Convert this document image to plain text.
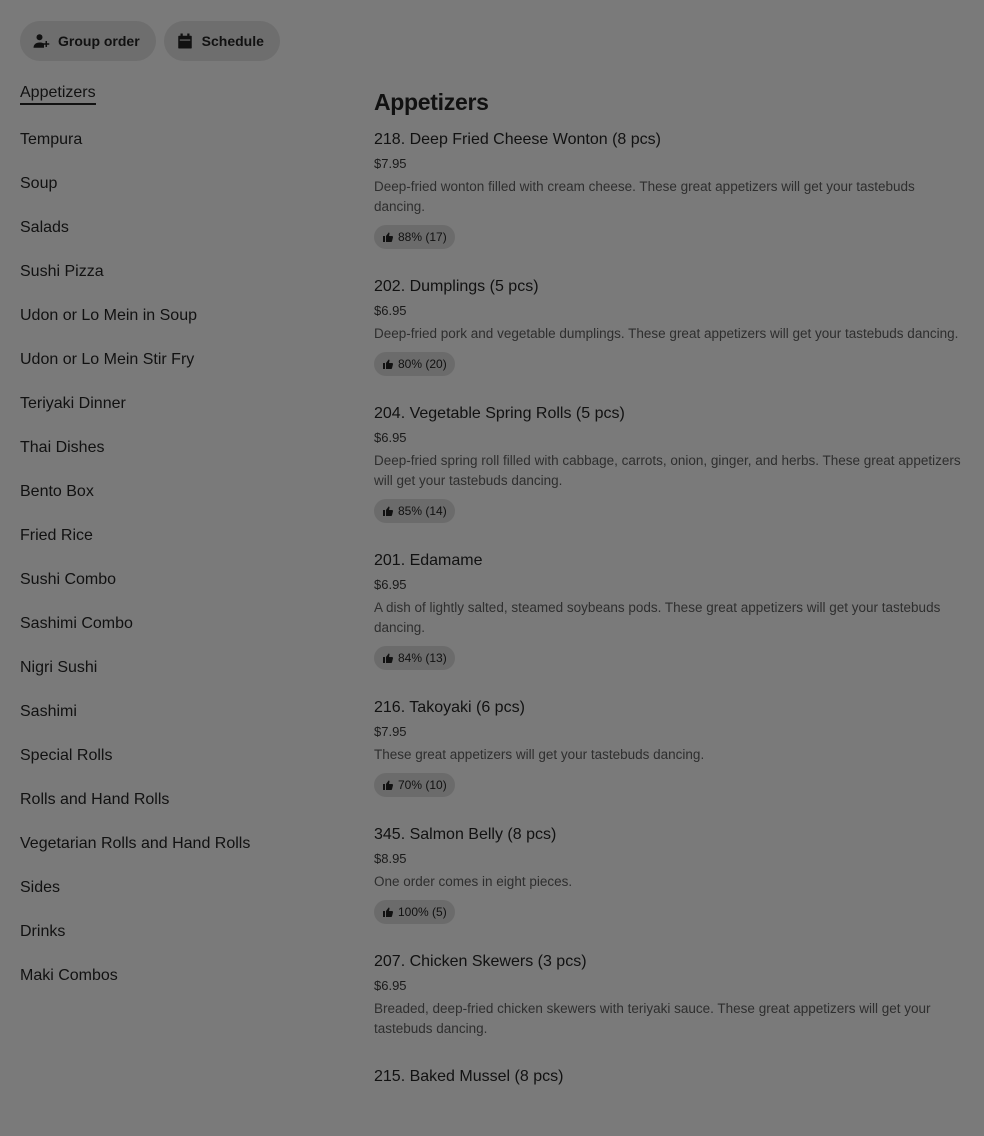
Group order	Schedule
Appetizers
Tempura
Soup
Salads
Sushi Pizza
Udon or Lo Mein in Soup
Udon or Lo Mein Stir Fry
Teriyaki Dinner
Thai Dishes
Bento Box
Fried Rice
Sushi Combo
Sashimi Combo
Nigri Sushi
Sashimi
Special Rolls
Rolls and Hand Rolls
Vegetarian Rolls and Hand Rolls
Sides
Drinks
Maki Combos
Appetizers
218. Deep Fried Cheese Wonton (8 pcs)
$7.95
Deep-fried wonton filled with cream cheese. These great appetizers will get your tastebuds dancing.
88% (17)
202. Dumplings (5 pcs)
$6.95
Deep-fried pork and vegetable dumplings. These great appetizers will get your tastebuds dancing.
80% (20)
204. Vegetable Spring Rolls (5 pcs)
$6.95
Deep-fried spring roll filled with cabbage, carrots, onion, ginger, and herbs. These great appetizers will get your tastebuds dancing.
85% (14)
201. Edamame
$6.95
A dish of lightly salted, steamed soybeans pods. These great appetizers will get your tastebuds dancing.
84% (13)
216. Takoyaki (6 pcs)
$7.95
These great appetizers will get your tastebuds dancing.
70% (10)
345. Salmon Belly (8 pcs)
$8.95
One order comes in eight pieces.
100% (5)
207. Chicken Skewers (3 pcs)
$6.95
Breaded, deep-fried chicken skewers with teriyaki sauce. These great appetizers will get your tastebuds dancing.
215. Baked Mussel (8 pcs)
